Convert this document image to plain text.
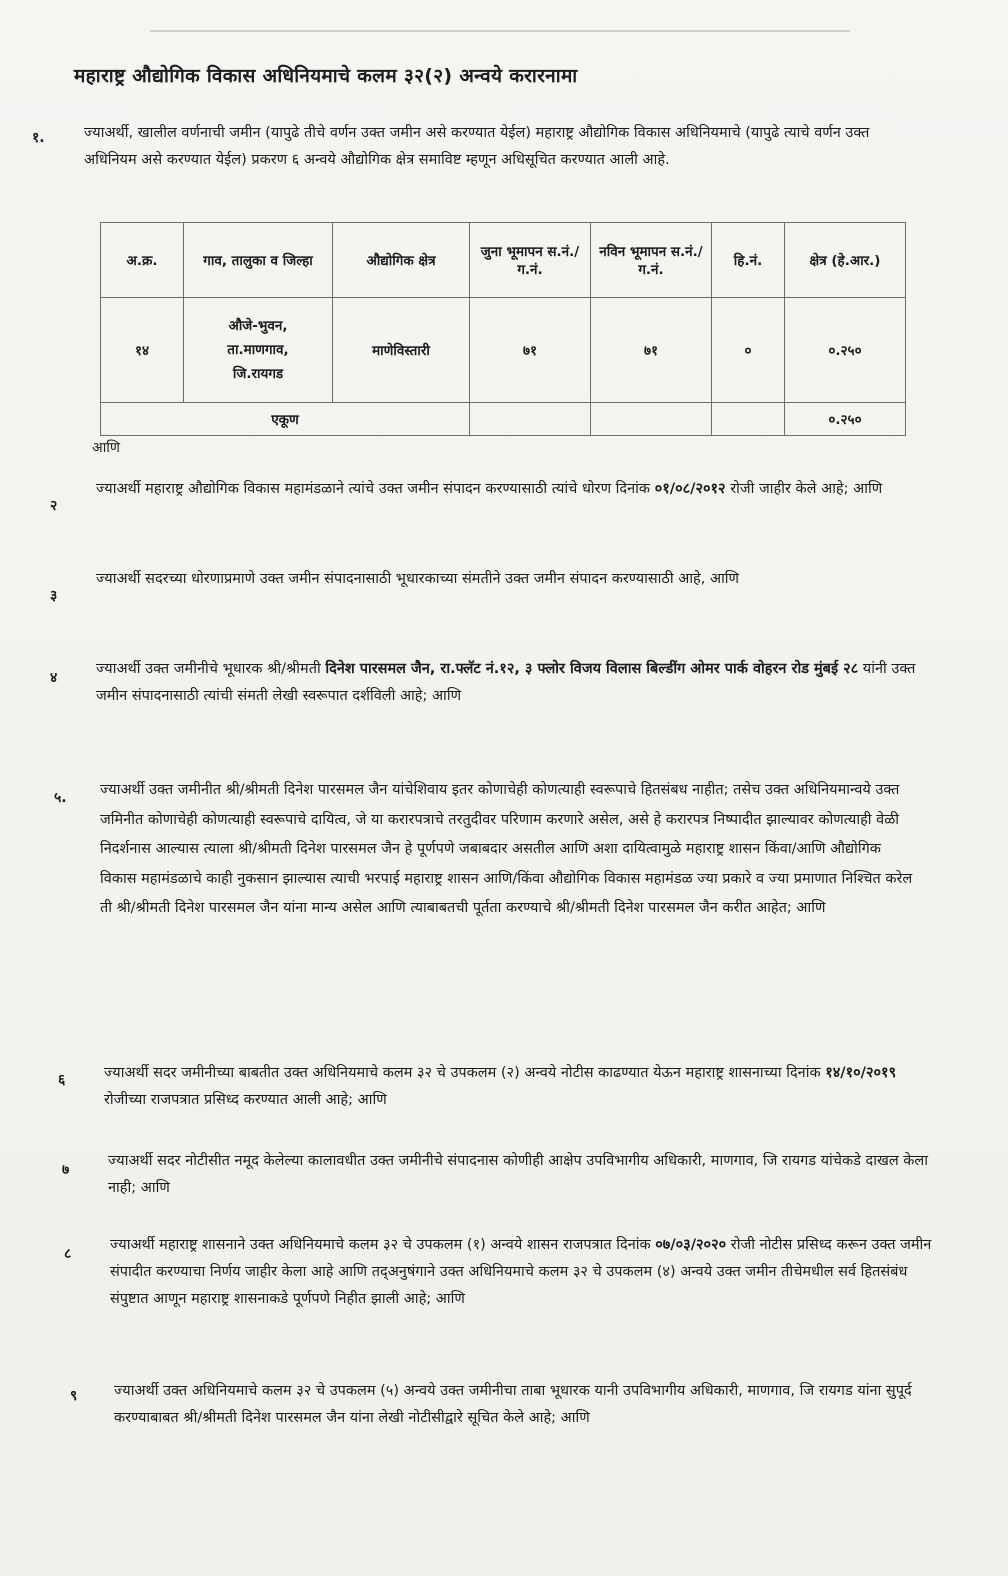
महाराष्ट्र औद्योगिक विकास अधिनियमाचे कलम ३२(२) अन्वये करारनामा
१.	ज्याअर्थी, खालील वर्णनाची जमीन (यापुढे तीचे वर्णन उक्त जमीन असे करण्यात येईल) महाराष्ट्र औद्योगिक विकास अधिनियमाचे (यापुढे त्याचे वर्णन उक्त अधिनियम असे करण्यात येईल) प्रकरण ६ अन्वये औद्योगिक क्षेत्र समाविष्ट म्हणून अधिसूचित करण्यात आली आहे.
अ.क्र.	गाव, तालुका व जिल्हा	औद्योगिक क्षेत्र	जुना भूमापन स.नं./ग.नं.	नविन भूमापन स.नं./ग.नं.	हि.नं.	क्षेत्र (हे.आर.)
१४	औजे-भुवन,
ता.माणगाव,
जि.रायगड	माणेविस्तारी	७१	७१	०	०.२५०
एकूण						०.२५०
आणि
२
ज्याअर्थी महाराष्ट्र औद्योगिक विकास महामंडळाने त्यांचे उक्त जमीन संपादन करण्यासाठी त्यांचे धोरण दिनांक ०१/०८/२०१२ रोजी जाहीर केले आहे; आणि
३
ज्याअर्थी सदरच्या धोरणाप्रमाणे उक्त जमीन संपादनासाठी भूधारकाच्या संमतीने उक्त जमीन संपादन करण्यासाठी आहे, आणि
४
ज्याअर्थी उक्त जमीनीचे भूधारक श्री/श्रीमती दिनेश पारसमल जैन, रा.फ्लॅट नं.१२, ३ फ्लोर विजय विलास बिल्डींग ओमर पार्क वोहरन रोड मुंबई २८ यांनी उक्त जमीन संपादनासाठी त्यांची संमती लेखी स्वरूपात दर्शविली आहे; आणि
५. ज्याअर्थी उक्त जमीनीत श्री/श्रीमती दिनेश पारसमल जैन यांचेशिवाय इतर कोणाचेही कोणत्याही स्वरूपाचे हितसंबध नाहीत; तसेच उक्त अधिनियमान्वये उक्त जमिनीत कोणाचेही कोणत्याही स्वरूपाचे दायित्व, जे या करारपत्राचे तरतुदीवर परिणाम करणारे असेल, असे हे करारपत्र निष्पादीत झाल्यावर कोणत्याही वेळी निदर्शनास आल्यास त्याला श्री/श्रीमती दिनेश पारसमल जैन हे पूर्णपणे जबाबदार असतील आणि अशा दायित्वामुळे महाराष्ट्र शासन किंवा/आणि औद्योगिक विकास महामंडळाचे काही नुकसान झाल्यास त्याची भरपाई महाराष्ट्र शासन आणि/किंवा औद्योगिक विकास महामंडळ ज्या प्रकारे व ज्या प्रमाणात निश्चित करेल ती श्री/श्रीमती दिनेश पारसमल जैन यांना मान्य असेल आणि त्याबाबतची पूर्तता करण्याचे श्री/श्रीमती दिनेश पारसमल जैन करीत आहेत; आणि
६	ज्याअर्थी सदर जमीनीच्या बाबतीत उक्त अधिनियमाचे कलम ३२ चे उपकलम (२) अन्वये नोटीस काढण्यात येऊन महाराष्ट्र शासनाच्या दिनांक १४/१०/२०१९ रोजीच्या राजपत्रात प्रसिध्द करण्यात आली आहे; आणि
७
ज्याअर्थी सदर नोटीसीत नमूद केलेल्या कालावधीत उक्त जमीनीचे संपादनास कोणीही आक्षेप उपविभागीय अधिकारी, माणगाव, जि रायगड यांचेकडे दाखल केला नाही; आणि
८
ज्याअर्थी महाराष्ट्र शासनाने उक्त अधिनियमाचे कलम ३२ चे उपकलम (१) अन्वये शासन राजपत्रात दिनांक ०७/०३/२०२० रोजी नोटीस प्रसिध्द करून उक्त जमीन संपादीत करण्याचा निर्णय जाहीर केला आहे आणि तद्अनुषंगाने उक्त अधिनियमाचे कलम ३२ चे उपकलम (४) अन्वये उक्त जमीन तीचेमधील सर्व हितसंबंध संपुष्टात आणून महाराष्ट्र शासनाकडे पूर्णपणे निहीत झाली आहे; आणि
९	ज्याअर्थी उक्त अधिनियमाचे कलम ३२ चे उपकलम (५) अन्वये उक्त जमीनीचा ताबा भूधारक यानी उपविभागीय अधिकारी, माणगाव, जि रायगड यांना सुपूर्द करण्याबाबत श्री/श्रीमती दिनेश पारसमल जैन यांना लेखी नोटीसीद्वारे सूचित केले आहे; आणि
